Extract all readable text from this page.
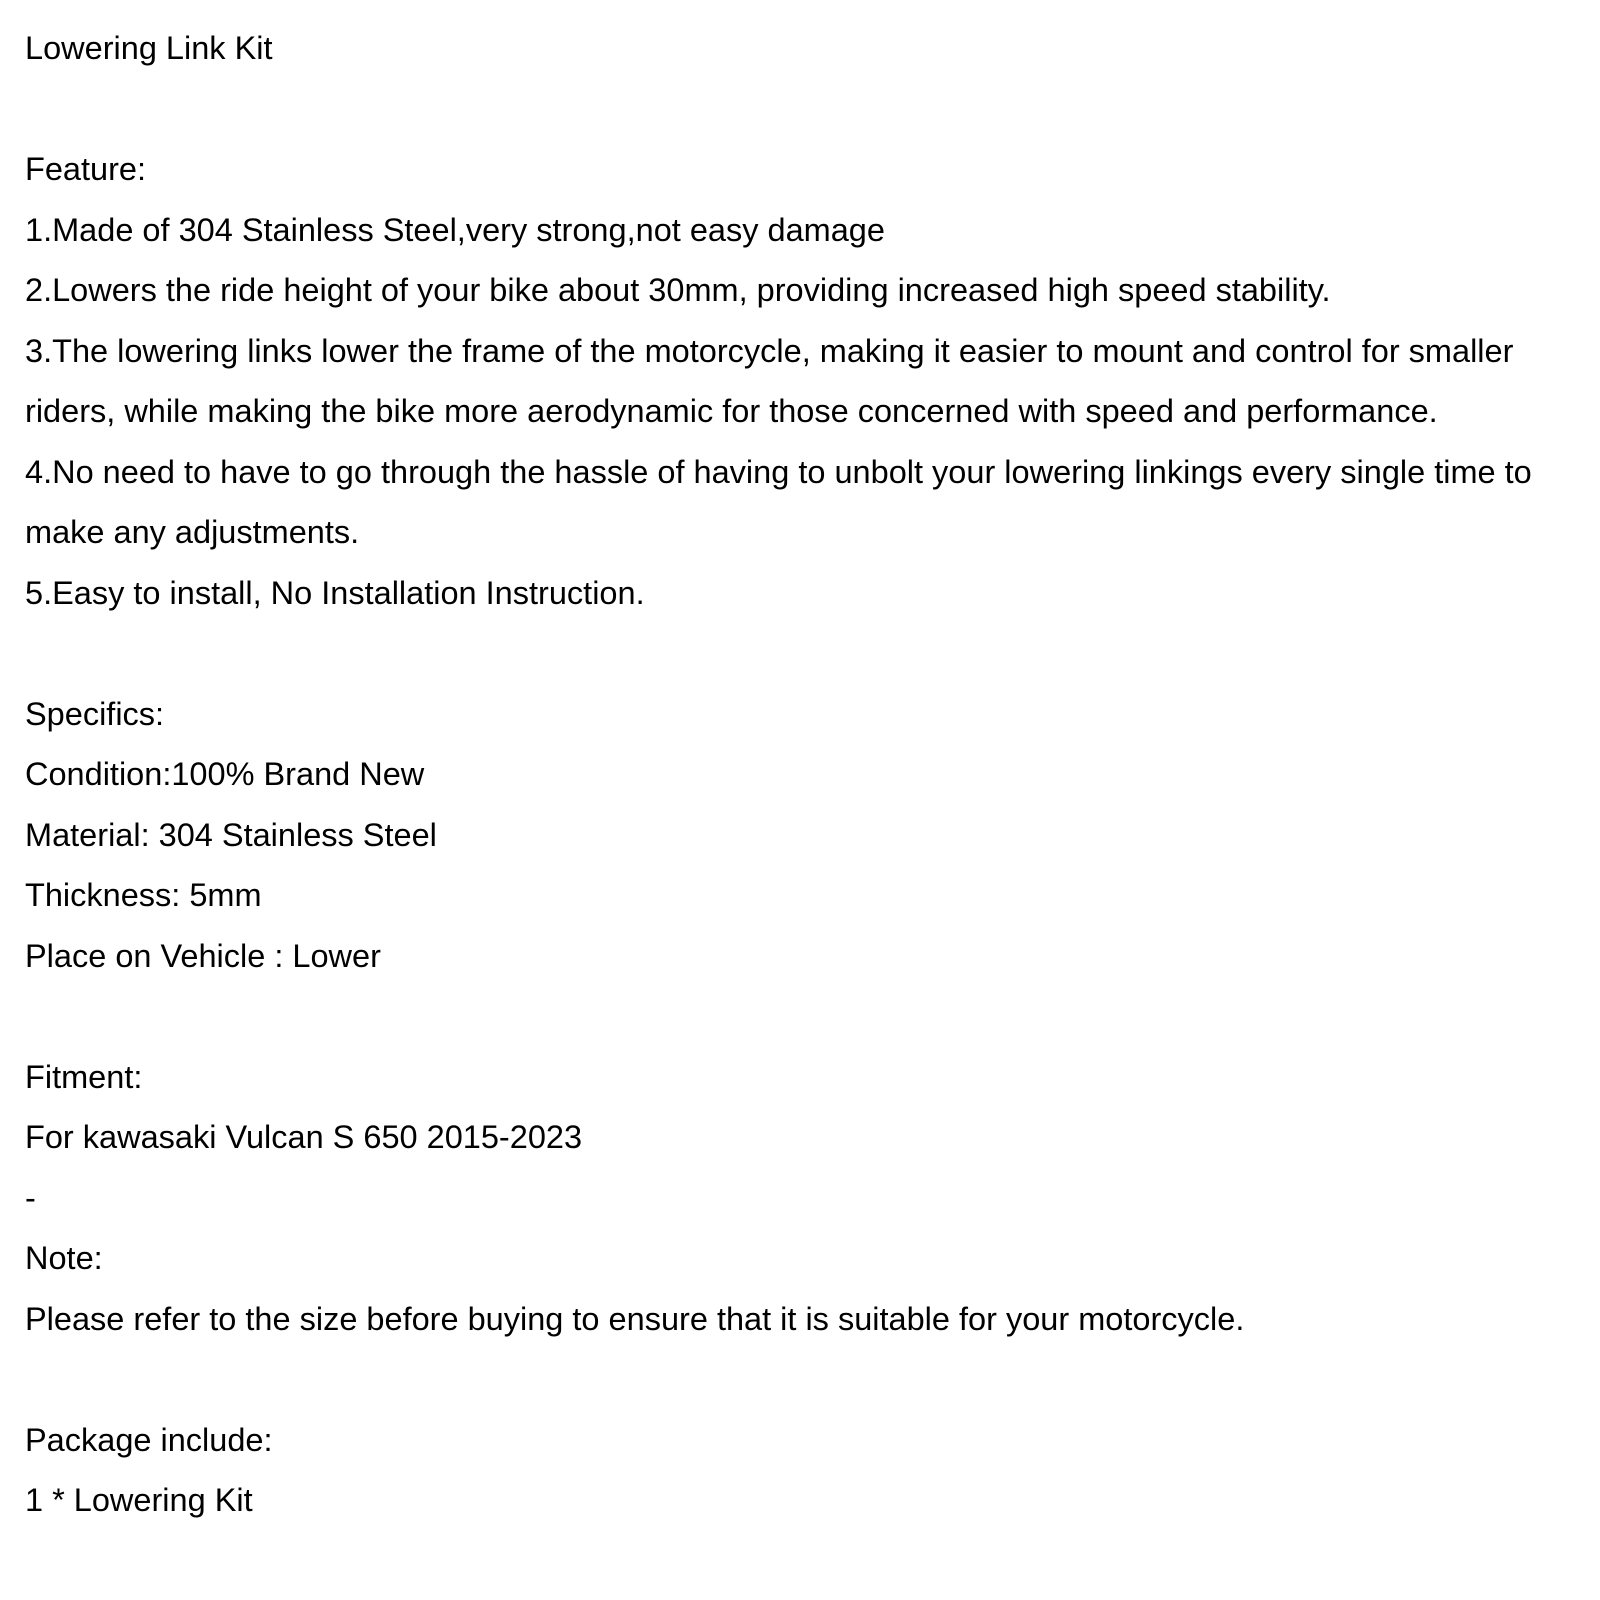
Lowering Link Kit

Feature:

1.Made of 304 Stainless Steel,very strong,not easy damage

2.Lowers the ride height of your bike about 30mm, providing increased high speed stability.

3.The lowering links lower the frame of the motorcycle, making it easier to mount and control for smaller riders, while making the bike more aerodynamic for those concerned with speed and performance.

4.No need to have to go through the hassle of having to unbolt your lowering linkings every single time to make any adjustments.

5.Easy to install, No Installation Instruction.

Specifics:

Condition:100% Brand New

Material: 304 Stainless Steel

Thickness: 5mm

Place on Vehicle : Lower

Fitment:

For kawasaki Vulcan S 650 2015-2023

-

Note:

Please refer to the size before buying to ensure that it is suitable for your motorcycle.

Package include:

1 * Lowering Kit
